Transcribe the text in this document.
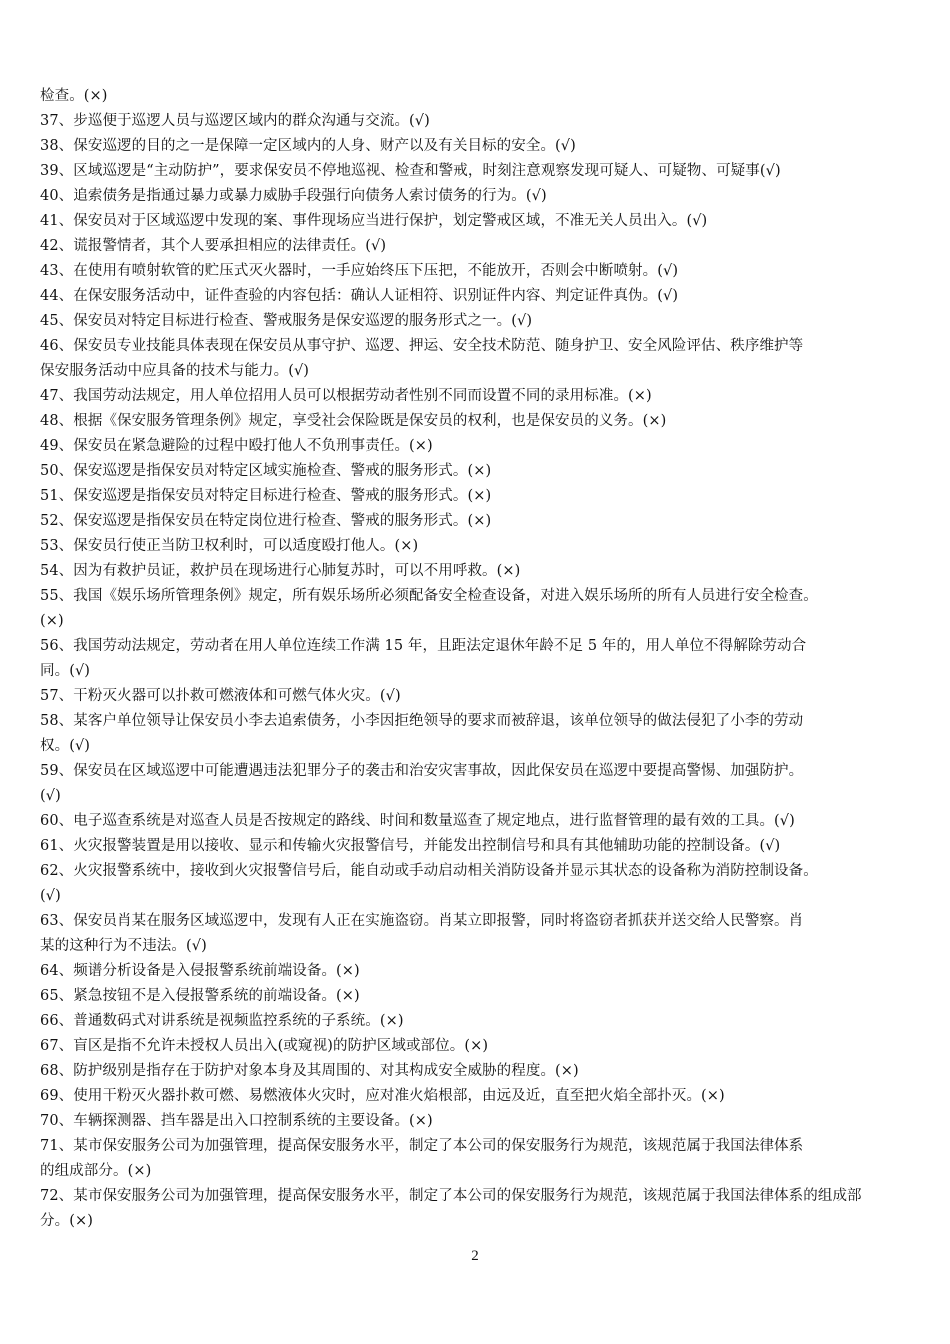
检查。(×)
37、步巡便于巡逻人员与巡逻区域内的群众沟通与交流。(√)
38、保安巡逻的目的之一是保障一定区域内的人身、财产以及有关目标的安全。(√)
39、区域巡逻是“主动防护”，要求保安员不停地巡视、检查和警戒，时刻注意观察发现可疑人、可疑物、可疑事(√)
40、追索债务是指通过暴力或暴力威胁手段强行向债务人索讨债务的行为。(√)
41、保安员对于区域巡逻中发现的案、事件现场应当进行保护，划定警戒区域，不准无关人员出入。(√)
42、谎报警情者，其个人要承担相应的法律责任。(√)
43、在使用有喷射软管的贮压式灭火器时，一手应始终压下压把，不能放开，否则会中断喷射。(√)
44、在保安服务活动中，证件查验的内容包括：确认人证相符、识别证件内容、判定证件真伪。(√)
45、保安员对特定目标进行检查、警戒服务是保安巡逻的服务形式之一。(√)
46、保安员专业技能具体表现在保安员从事守护、巡逻、押运、安全技术防范、随身护卫、安全风险评估、秩序维护等
保安服务活动中应具备的技术与能力。(√)
47、我国劳动法规定，用人单位招用人员可以根据劳动者性别不同而设置不同的录用标准。(×)
48、根据《保安服务管理条例》规定，享受社会保险既是保安员的权利，也是保安员的义务。(×)
49、保安员在紧急避险的过程中殴打他人不负刑事责任。(×)
50、保安巡逻是指保安员对特定区域实施检查、警戒的服务形式。(×)
51、保安巡逻是指保安员对特定目标进行检查、警戒的服务形式。(×)
52、保安巡逻是指保安员在特定岗位进行检查、警戒的服务形式。(×)
53、保安员行使正当防卫权利时，可以适度殴打他人。(×)
54、因为有救护员证，救护员在现场进行心肺复苏时，可以不用呼救。(×)
55、我国《娱乐场所管理条例》规定，所有娱乐场所必须配备安全检查设备，对进入娱乐场所的所有人员进行安全检查。
(×)
56、我国劳动法规定，劳动者在用人单位连续工作满 15 年，且距法定退休年龄不足 5 年的，用人单位不得解除劳动合
同。(√)
57、干粉灭火器可以扑救可燃液体和可燃气体火灾。(√)
58、某客户单位领导让保安员小李去追索债务，小李因拒绝领导的要求而被辞退，该单位领导的做法侵犯了小李的劳动
权。(√)
59、保安员在区域巡逻中可能遭遇违法犯罪分子的袭击和治安灾害事故，因此保安员在巡逻中要提高警惕、加强防护。
(√)
60、电子巡查系统是对巡查人员是否按规定的路线、时间和数量巡查了规定地点，进行监督管理的最有效的工具。(√)
61、火灾报警装置是用以接收、显示和传输火灾报警信号，并能发出控制信号和具有其他辅助功能的控制设备。(√)
62、火灾报警系统中，接收到火灾报警信号后，能自动或手动启动相关消防设备并显示其状态的设备称为消防控制设备。
(√)
63、保安员肖某在服务区域巡逻中，发现有人正在实施盗窃。肖某立即报警，同时将盗窃者抓获并送交给人民警察。肖
某的这种行为不违法。(√)
64、频谱分析设备是入侵报警系统前端设备。(×)
65、紧急按钮不是入侵报警系统的前端设备。(×)
66、普通数码式对讲系统是视频监控系统的子系统。(×)
67、盲区是指不允许未授权人员出入(或窥视)的防护区域或部位。(×)
68、防护级别是指存在于防护对象本身及其周围的、对其构成安全威胁的程度。(×)
69、使用干粉灭火器扑救可燃、易燃液体火灾时，应对准火焰根部，由远及近，直至把火焰全部扑灭。(×)
70、车辆探测器、挡车器是出入口控制系统的主要设备。(×)
71、某市保安服务公司为加强管理，提高保安服务水平，制定了本公司的保安服务行为规范，该规范属于我国法律体系
的组成部分。(×)
72、某市保安服务公司为加强管理，提高保安服务水平，制定了本公司的保安服务行为规范，该规范属于我国法律体系的组成部
分。(×)
2
